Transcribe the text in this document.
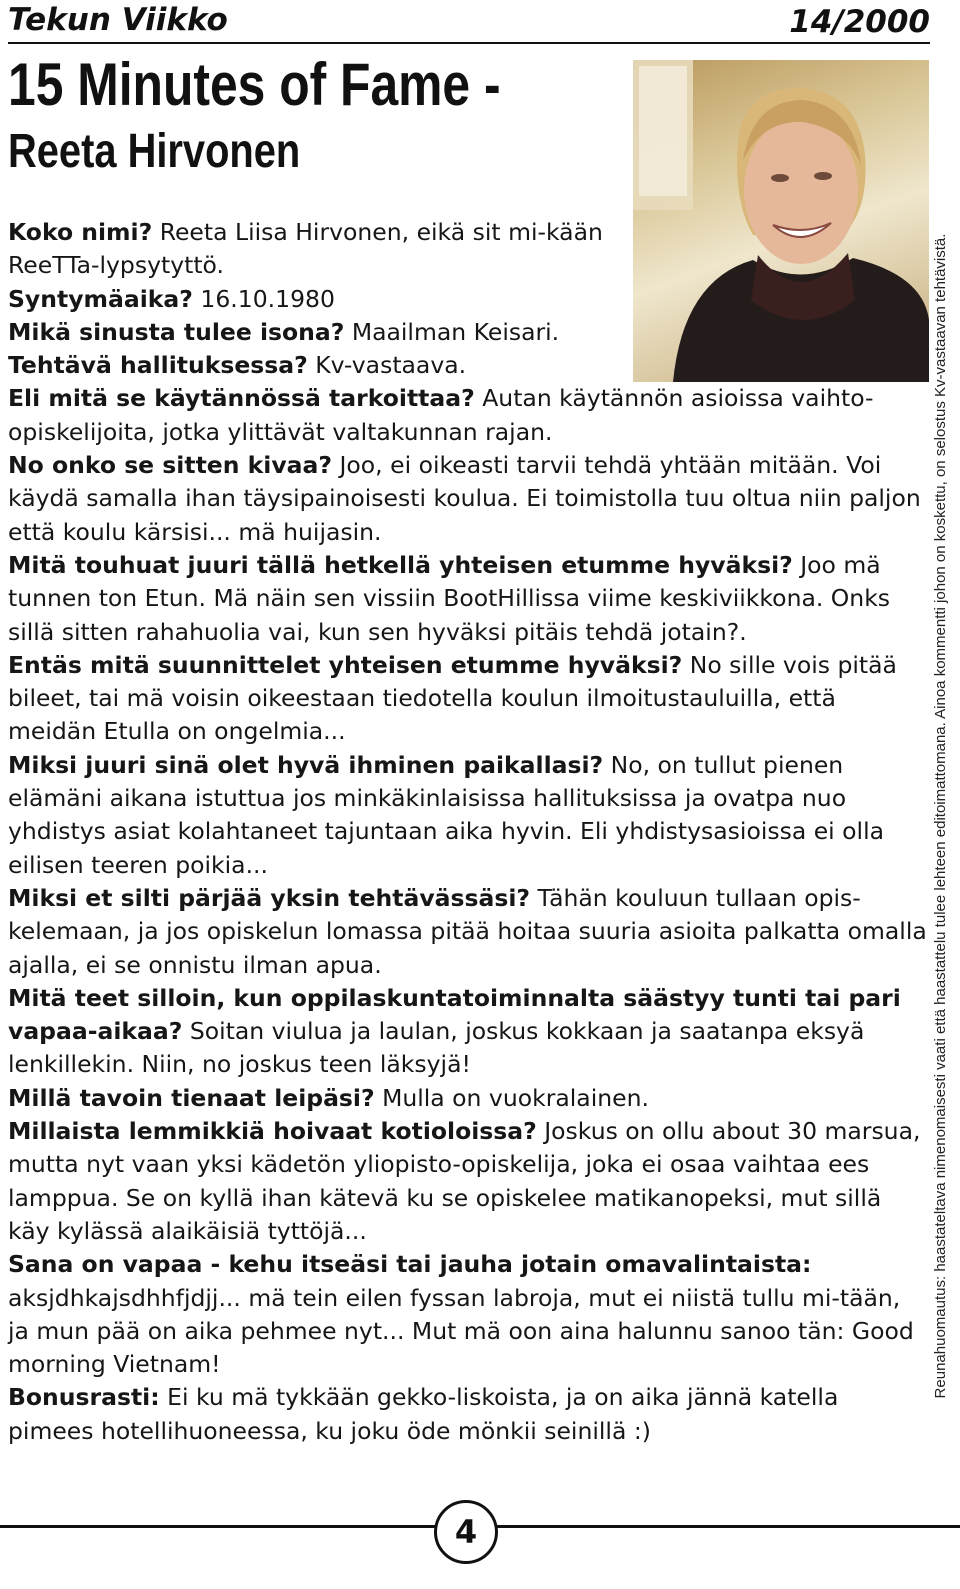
Tekun Viikko	14/2000
15 Minutes of Fame -
Reeta Hirvonen

Koko nimi? Reeta Liisa Hirvonen, eikä sit mi-kään ReeTTa-lypsytyttö.

Syntymäaika? 16.10.1980

Mikä sinusta tulee isona? Maailman Keisari.

Tehtävä hallituksessa? Kv-vastaava.

Eli mitä se käytännössä tarkoittaa? Autan käytännön asioissa vaihto-opiskelijoita, jotka ylittävät valtakunnan rajan.

No onko se sitten kivaa? Joo, ei oikeasti tarvii tehdä yhtään mitään. Voi käydä samalla ihan täysipainoisesti koulua. Ei toimistolla tuu oltua niin paljon että koulu kärsisi... mä huijasin.

Mitä touhuat juuri tällä hetkellä yhteisen etumme hyväksi? Joo mä tunnen ton Etun. Mä näin sen vissiin BootHillissa viime keskiviikkona. Onks sillä sitten rahahuolia vai, kun sen hyväksi pitäis tehdä jotain?.

Entäs mitä suunnittelet yhteisen etumme hyväksi? No sille vois pitää bileet, tai mä voisin oikeestaan tiedotella koulun ilmoitustauluilla, että meidän Etulla on ongelmia...

Miksi juuri sinä olet hyvä ihminen paikallasi? No, on tullut pienen elämäni aikana istuttua jos minkäkinlaisissa hallituksissa ja ovatpa nuo yhdistys asiat kolahtaneet tajuntaan aika hyvin. Eli yhdistysasioissa ei olla eilisen teeren poikia...

Miksi et silti pärjää yksin tehtävässäsi? Tähän kouluun tullaan opis-kelemaan, ja jos opiskelun lomassa pitää hoitaa suuria asioita palkatta omalla ajalla, ei se onnistu ilman apua.

Mitä teet silloin, kun oppilaskuntatoiminnalta säästyy tunti tai pari vapaa-aikaa? Soitan viulua ja laulan, joskus kokkaan ja saatanpa eksyä lenkillekin. Niin, no joskus teen läksyjä!

Millä tavoin tienaat leipäsi? Mulla on vuokralainen.

Millaista lemmikkiä hoivaat kotioloissa? Joskus on ollu about 30 marsua, mutta nyt vaan yksi kädetön yliopisto-opiskelija, joka ei osaa vaihtaa ees lamppua. Se on kyllä ihan kätevä ku se opiskelee matikanopeksi, mut sillä käy kylässä alaikäisiä tyttöjä...

Sana on vapaa - kehu itseäsi tai jauha jotain omavalintaista: aksjdhkajsdhhfjdjj... mä tein eilen fyssan labroja, mut ei niistä tullu mi-tään, ja mun pää on aika pehmee nyt... Mut mä oon aina halunnu sanoo tän: Good morning Vietnam!

Bonusrasti: Ei ku mä tykkään gekko-liskoista, ja on aika jännä katella pimees hotellihuoneessa, ku joku öde mönkii seinillä :)

Reunahuomautus: haastateltava nimenomaisesti vaati että haastattelu tulee lehteen editoimattomana. Ainoa kommentti johon on koskettu, on selostus Kv-vastaavan tehtävistä.
4
